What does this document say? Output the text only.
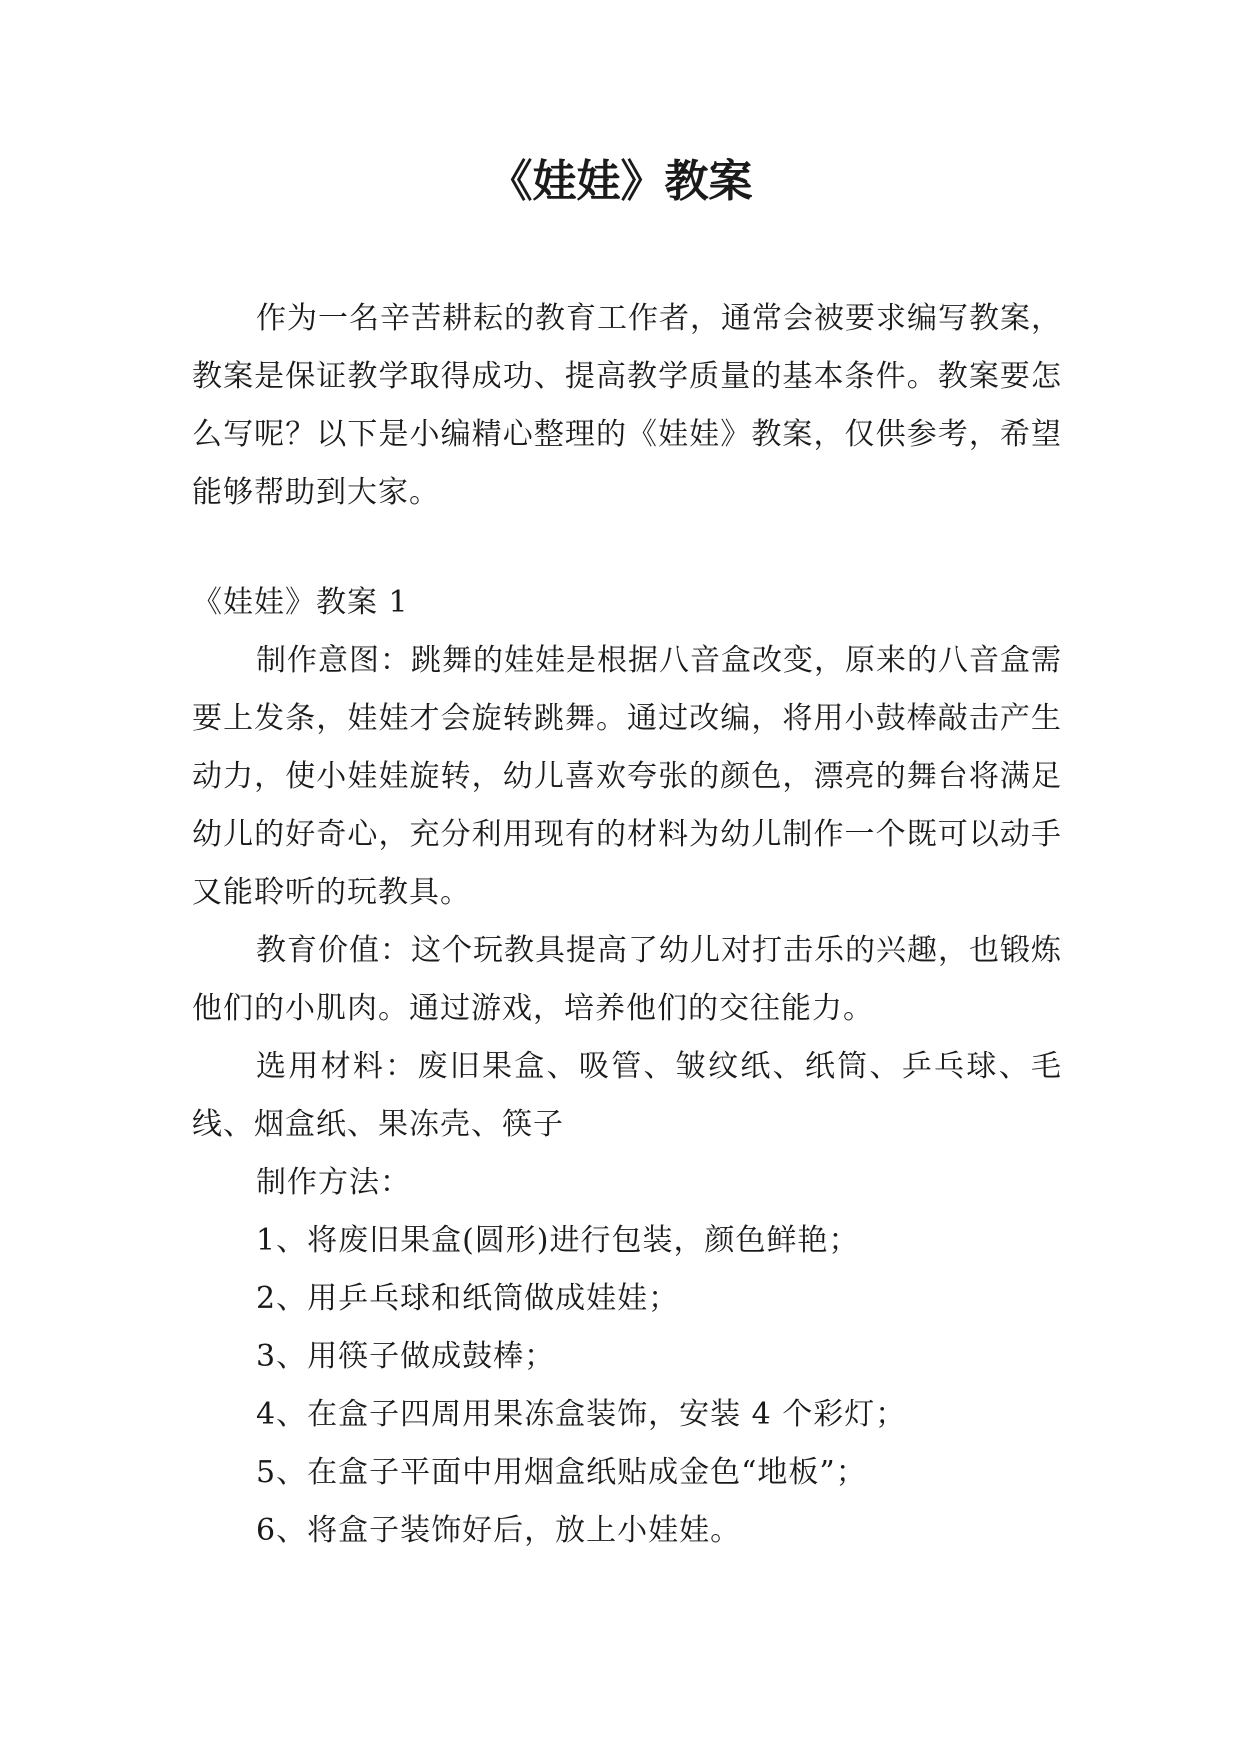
《娃娃》教案

作为一名辛苦耕耘的教育工作者，通常会被要求编写教案，教案是保证教学取得成功、提高教学质量的基本条件。教案要怎么写呢？以下是小编精心整理的《娃娃》教案，仅供参考，希望能够帮助到大家。

《娃娃》教案 1

制作意图：跳舞的娃娃是根据八音盒改变，原来的八音盒需要上发条，娃娃才会旋转跳舞。通过改编，将用小鼓棒敲击产生动力，使小娃娃旋转，幼儿喜欢夸张的颜色，漂亮的舞台将满足幼儿的好奇心，充分利用现有的材料为幼儿制作一个既可以动手又能聆听的玩教具。

教育价值：这个玩教具提高了幼儿对打击乐的兴趣，也锻炼他们的小肌肉。通过游戏，培养他们的交往能力。

选用材料：废旧果盒、吸管、皱纹纸、纸筒、乒乓球、毛线、烟盒纸、果冻壳、筷子

制作方法：

1、将废旧果盒(圆形)进行包装，颜色鲜艳；

2、用乒乓球和纸筒做成娃娃；

3、用筷子做成鼓棒；

4、在盒子四周用果冻盒装饰，安装 4 个彩灯；

5、在盒子平面中用烟盒纸贴成金色“地板”；

6、将盒子装饰好后，放上小娃娃。
